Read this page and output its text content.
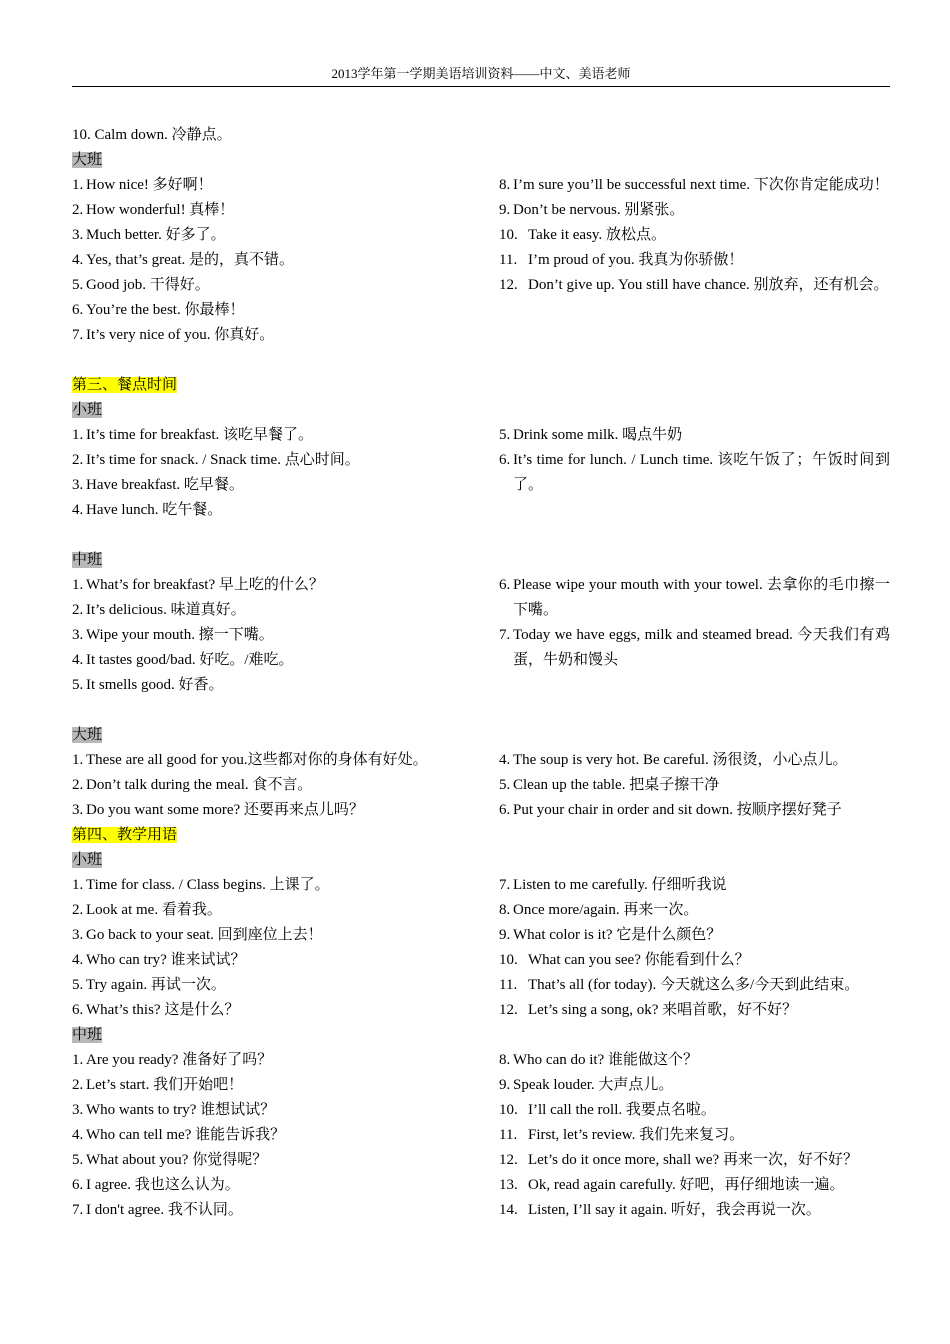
2013学年第一学期美语培训资料——中文、美语老师
10. Calm down. 冷静点。
大班
1. How nice! 多好啊！
2. How wonderful! 真棒！
3. Much better. 好多了。
4. Yes, that’s great. 是的，真不错。
5. Good job. 干得好。
6. You’re the best. 你最棒！
7. It’s very nice of you. 你真好。
8. I’m sure you’ll be successful next time. 下次你肯定能成功！
9. Don’t be nervous. 别紧张。
10. Take it easy. 放松点。
11. I’m proud of you. 我真为你骄傲！
12. Don’t give up. You still have chance. 别放弃，还有机会。
第三、餐点时间
小班
1. It’s time for breakfast. 该吃早餐了。
2. It’s time for snack. / Snack time. 点心时间。
3. Have breakfast. 吃早餐。
4. Have lunch. 吃午餐。
5. Drink some milk. 喝点牛奶
6. It’s time for lunch. / Lunch time. 该吃午饭了；午饭时间到了。
中班
1. What’s for breakfast? 早上吃的什么？
2. It’s delicious. 味道真好。
3. Wipe your mouth. 擦一下嘴。
4. It tastes good/bad. 好吃。/难吃。
5. It smells good. 好香。
6. Please wipe your mouth with your towel. 去拿你的毛巾擦一下嘴。
7. Today we have eggs, milk and steamed bread. 今天我们有鸡蛋，牛奶和馒头
大班
1. These are all good for you.这些都对你的身体有好处。
2. Don’t talk during the meal. 食不言。
3. Do you want some more? 还要再来点儿吗？
4. The soup is very hot. Be careful. 汤很烫，小心点儿。
5. Clean up the table. 把桌子擦干净
6. Put your chair in order and sit down. 按顺序摆好凳子
第四、教学用语
小班
1. Time for class. / Class begins. 上课了。
2. Look at me. 看着我。
3. Go back to your seat. 回到座位上去！
4. Who can try? 谁来试试？
5. Try again. 再试一次。
6. What’s this? 这是什么？
7. Listen to me carefully. 仔细听我说
8. Once more/again. 再来一次。
9. What color is it? 它是什么颜色？
10. What can you see? 你能看到什么？
11. That’s all (for today). 今天就这么多/今天到此结束。
12. Let’s sing a song, ok? 来唱首歌，好不好？
中班
1. Are you ready? 准备好了吗？
2. Let’s start. 我们开始吧！
3. Who wants to try? 谁想试试？
4. Who can tell me? 谁能告诉我？
5. What about you? 你觉得呢？
6. I agree. 我也这么认为。
7. I don't agree. 我不认同。
8. Who can do it? 谁能做这个？
9. Speak louder. 大声点儿。
10. I’ll call the roll. 我要点名啦。
11. First, let’s review. 我们先来复习。
12. Let’s do it once more, shall we? 再来一次，好不好？
13. Ok, read again carefully. 好吧，再仔细地读一遍。
14. Listen, I’ll say it again. 听好，我会再说一次。
